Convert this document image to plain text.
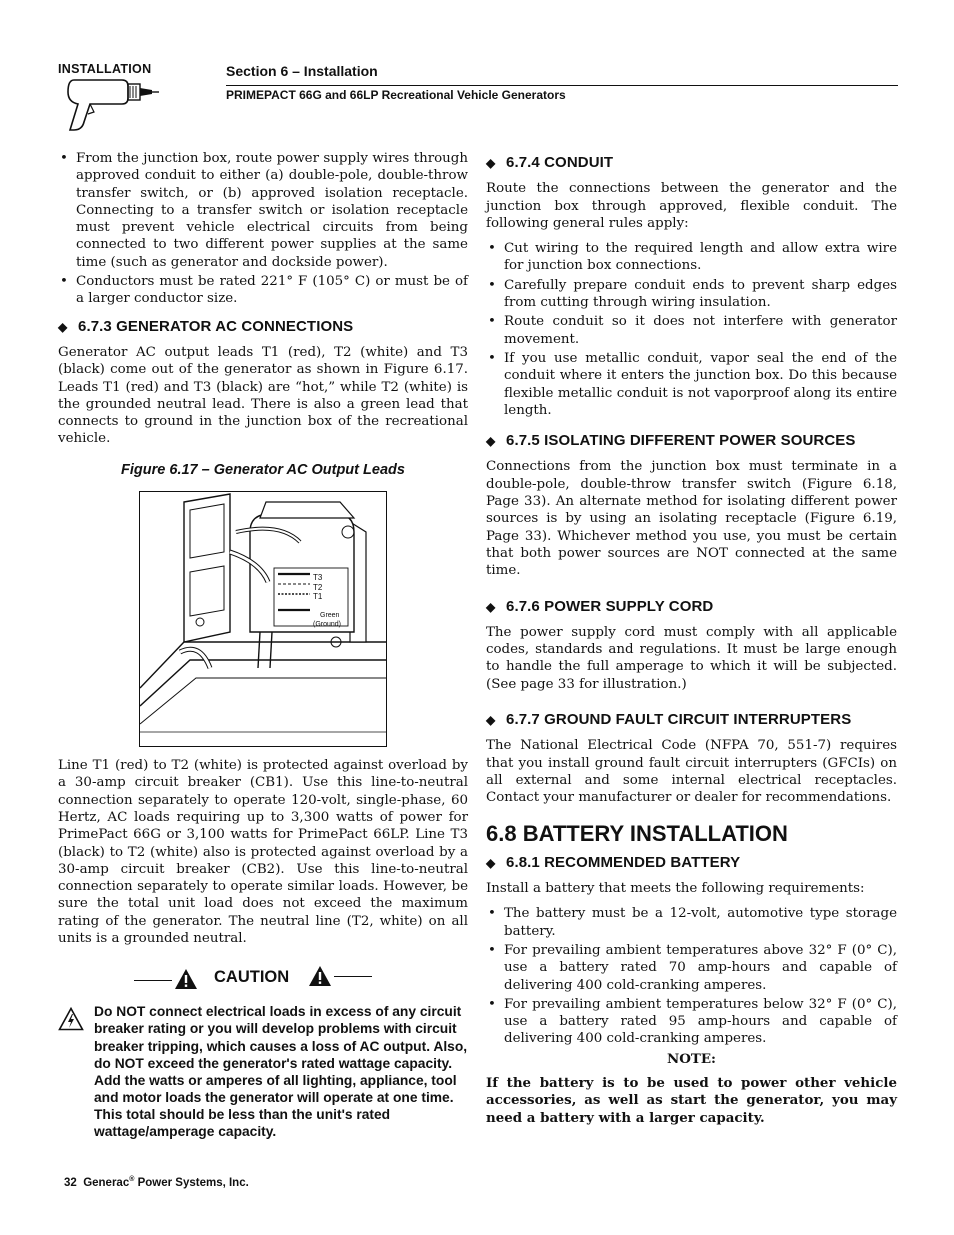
INSTALLATION	Section 6 – Installation
PRIMEPACT 66G and 66LP Recreational Vehicle Generators
• From the junction box, route power supply wires through approved conduit to either (a) double-pole, double-throw transfer switch, or (b) approved isolation receptacle. Connecting to a transfer switch or isolation receptacle must prevent vehicle electrical circuits from being connected to two different power supplies at the same time (such as generator and dockside power).
• Conductors must be rated 221° F (105° C) or must be of a larger conductor size.
◆ 6.7.3 GENERATOR AC CONNECTIONS

Generator AC output leads T1 (red), T2 (white) and T3 (black) come out of the generator as shown in Figure 6.17. Leads T1 (red) and T3 (black) are “hot,” while T2 (white) is the grounded neutral lead. There is also a green lead that connects to ground in the junction box of the recreational vehicle.

Figure 6.17 – Generator AC Output Leads
T3
T2
T1
Green
(Ground)

Line T1 (red) to T2 (white) is protected against overload by a 30-amp circuit breaker (CB1). Use this line-to-neutral connection separately to operate 120-volt, single-phase, 60 Hertz, AC loads requiring up to 3,300 watts of power for PrimePact 66G or 3,100 watts for PrimePact 66LP. Line T3 (black) to T2 (white) also is protected against overload by a 30-amp circuit breaker (CB2). Use this line-to-neutral connection separately to operate similar loads. However, be sure the total unit load does not exceed the maximum rating of the generator. The neutral line (T2, white) on all units is a grounded neutral.

CAUTION
Do NOT connect electrical loads in excess of any circuit breaker rating or you will develop problems with circuit breaker tripping, which causes a loss of AC output. Also, do NOT exceed the generator's rated wattage capacity. Add the watts or amperes of all lighting, appliance, tool and motor loads the generator will operate at one time. This total should be less than the unit's rated wattage/amperage capacity.
◆ 6.7.4 CONDUIT

Route the connections between the generator and the junction box through approved, flexible conduit. The following general rules apply:

• Cut wiring to the required length and allow extra wire for junction box connections.
• Carefully prepare conduit ends to prevent sharp edges from cutting through wiring insulation.
• Route conduit so it does not interfere with generator movement.
• If you use metallic conduit, vapor seal the end of the conduit where it enters the junction box. Do this because flexible metallic conduit is not vaporproof along its entire length.
◆ 6.7.5 ISOLATING DIFFERENT POWER SOURCES

Connections from the junction box must terminate in a double-pole, double-throw transfer switch (Figure 6.18, Page 33). An alternate method for isolating different power sources is by using an isolating receptacle (Figure 6.19, Page 33). Whichever method you use, you must be certain that both power sources are NOT connected at the same time.

◆ 6.7.6 POWER SUPPLY CORD

The power supply cord must comply with all applicable codes, standards and regulations. It must be large enough to handle the full amperage to which it will be subjected. (See page 33 for illustration.)

◆ 6.7.7 GROUND FAULT CIRCUIT INTERRUPTERS

The National Electrical Code (NFPA 70, 551-7) requires that you install ground fault circuit interrupters (GFCIs) on all external and some internal electrical receptacles. Contact your manufacturer or dealer for recommendations.

6.8 BATTERY INSTALLATION
◆ 6.8.1 RECOMMENDED BATTERY

Install a battery that meets the following requirements:

• The battery must be a 12-volt, automotive type storage battery.
• For prevailing ambient temperatures above 32° F (0° C), use a battery rated 70 amp-hours and capable of delivering 400 cold-cranking amperes.
• For prevailing ambient temperatures below 32° F (0° C), use a battery rated 95 amp-hours and capable of delivering 400 cold-cranking amperes.
NOTE:

If the battery is to be used to power other vehicle accessories, as well as start the generator, you may need a battery with a larger capacity.

32 Generac® Power Systems, Inc.
